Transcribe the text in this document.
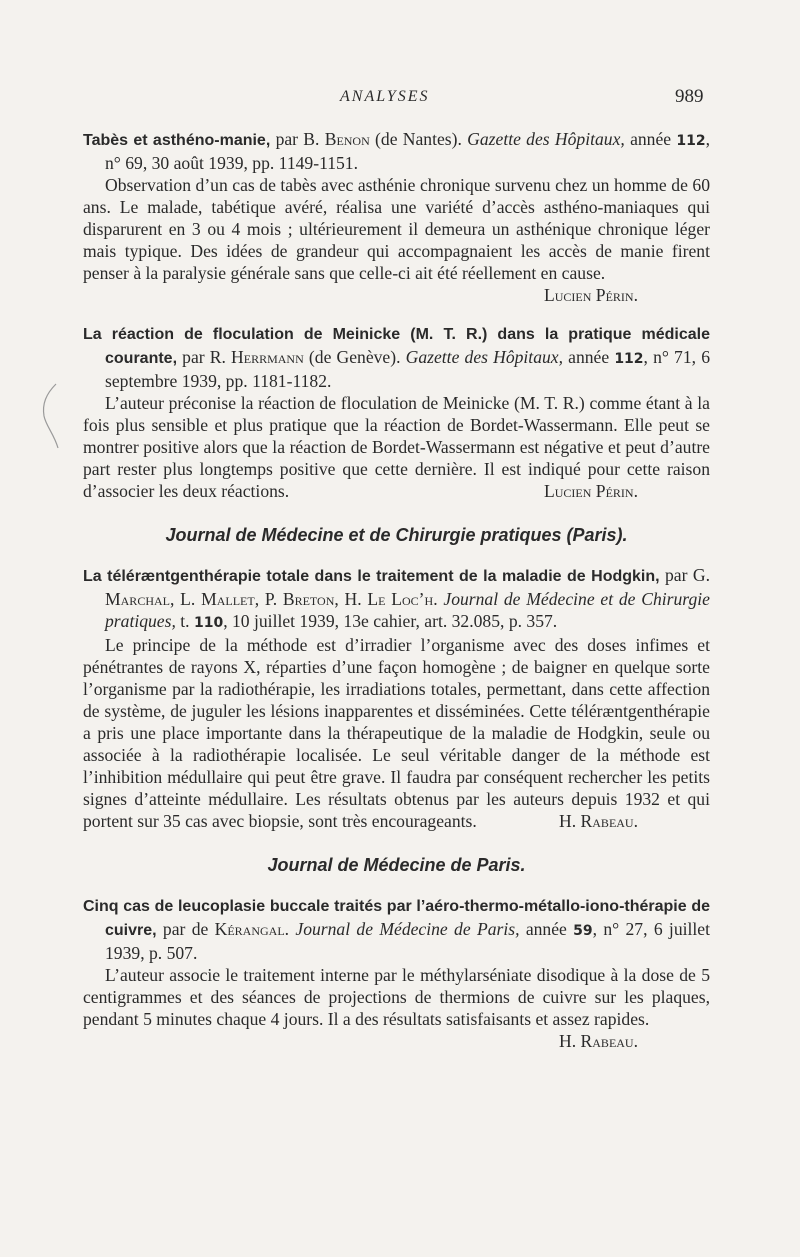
ANALYSES	989
Tabès et asthéno-manie, par B. Benon (de Nantes). Gazette des Hôpitaux, année 112, n° 69, 30 août 1939, pp. 1149-1151.

Observation d’un cas de tabès avec asthénie chronique survenu chez un homme de 60 ans. Le malade, tabétique avéré, réalisa une variété d’accès asthéno-maniaques qui disparurent en 3 ou 4 mois ; ultérieurement il demeura un asthénique chronique léger mais typique. Des idées de grandeur qui accompagnaient les accès de manie firent penser à la paralysie générale sans que celle-ci ait été réellement en cause.

Lucien Périn.
La réaction de floculation de Meinicke (M. T. R.) dans la pratique médicale courante, par R. Herrmann (de Genève). Gazette des Hôpitaux, année 112, n° 71, 6 septembre 1939, pp. 1181-1182.

L’auteur préconise la réaction de floculation de Meinicke (M. T. R.) comme étant à la fois plus sensible et plus pratique que la réaction de Bordet-Wassermann. Elle peut se montrer positive alors que la réaction de Bordet-Wassermann est négative et peut d’autre part rester plus longtemps positive que cette dernière. Il est indiqué pour cette raison d’associer les deux réactions.	Lucien Périn.

Journal de Médecine et de Chirurgie pratiques (Paris).
La téléræntgenthérapie totale dans le traitement de la maladie de Hodgkin, par G. Marchal, L. Mallet, P. Breton, H. Le Loc’h. Journal de Médecine et de Chirurgie pratiques, t. 110, 10 juillet 1939, 13e cahier, art. 32.085, p. 357.

Le principe de la méthode est d’irradier l’organisme avec des doses infimes et pénétrantes de rayons X, réparties d’une façon homogène ; de baigner en quelque sorte l’organisme par la radiothérapie, les irradiations totales, permettant, dans cette affection de système, de juguler les lésions inapparentes et disséminées. Cette téléræntgenthérapie a pris une place importante dans la thérapeutique de la maladie de Hodgkin, seule ou associée à la radiothérapie localisée. Le seul véritable danger de la méthode est l’inhibition médullaire qui peut être grave. Il faudra par conséquent rechercher les petits signes d’atteinte médullaire. Les résultats obtenus par les auteurs depuis 1932 et qui portent sur 35 cas avec biopsie, sont très encourageants.	H. Rabeau.

Journal de Médecine de Paris.
Cinq cas de leucoplasie buccale traités par l’aéro-thermo-métallo-iono-thérapie de cuivre, par de Kérangal. Journal de Médecine de Paris, année 59, n° 27, 6 juillet 1939, p. 507.

L’auteur associe le traitement interne par le méthylarséniate disodique à la dose de 5 centigrammes et des séances de projections de thermions de cuivre sur les plaques, pendant 5 minutes chaque 4 jours. Il a des résultats satisfaisants et assez rapides.
H. Rabeau.
